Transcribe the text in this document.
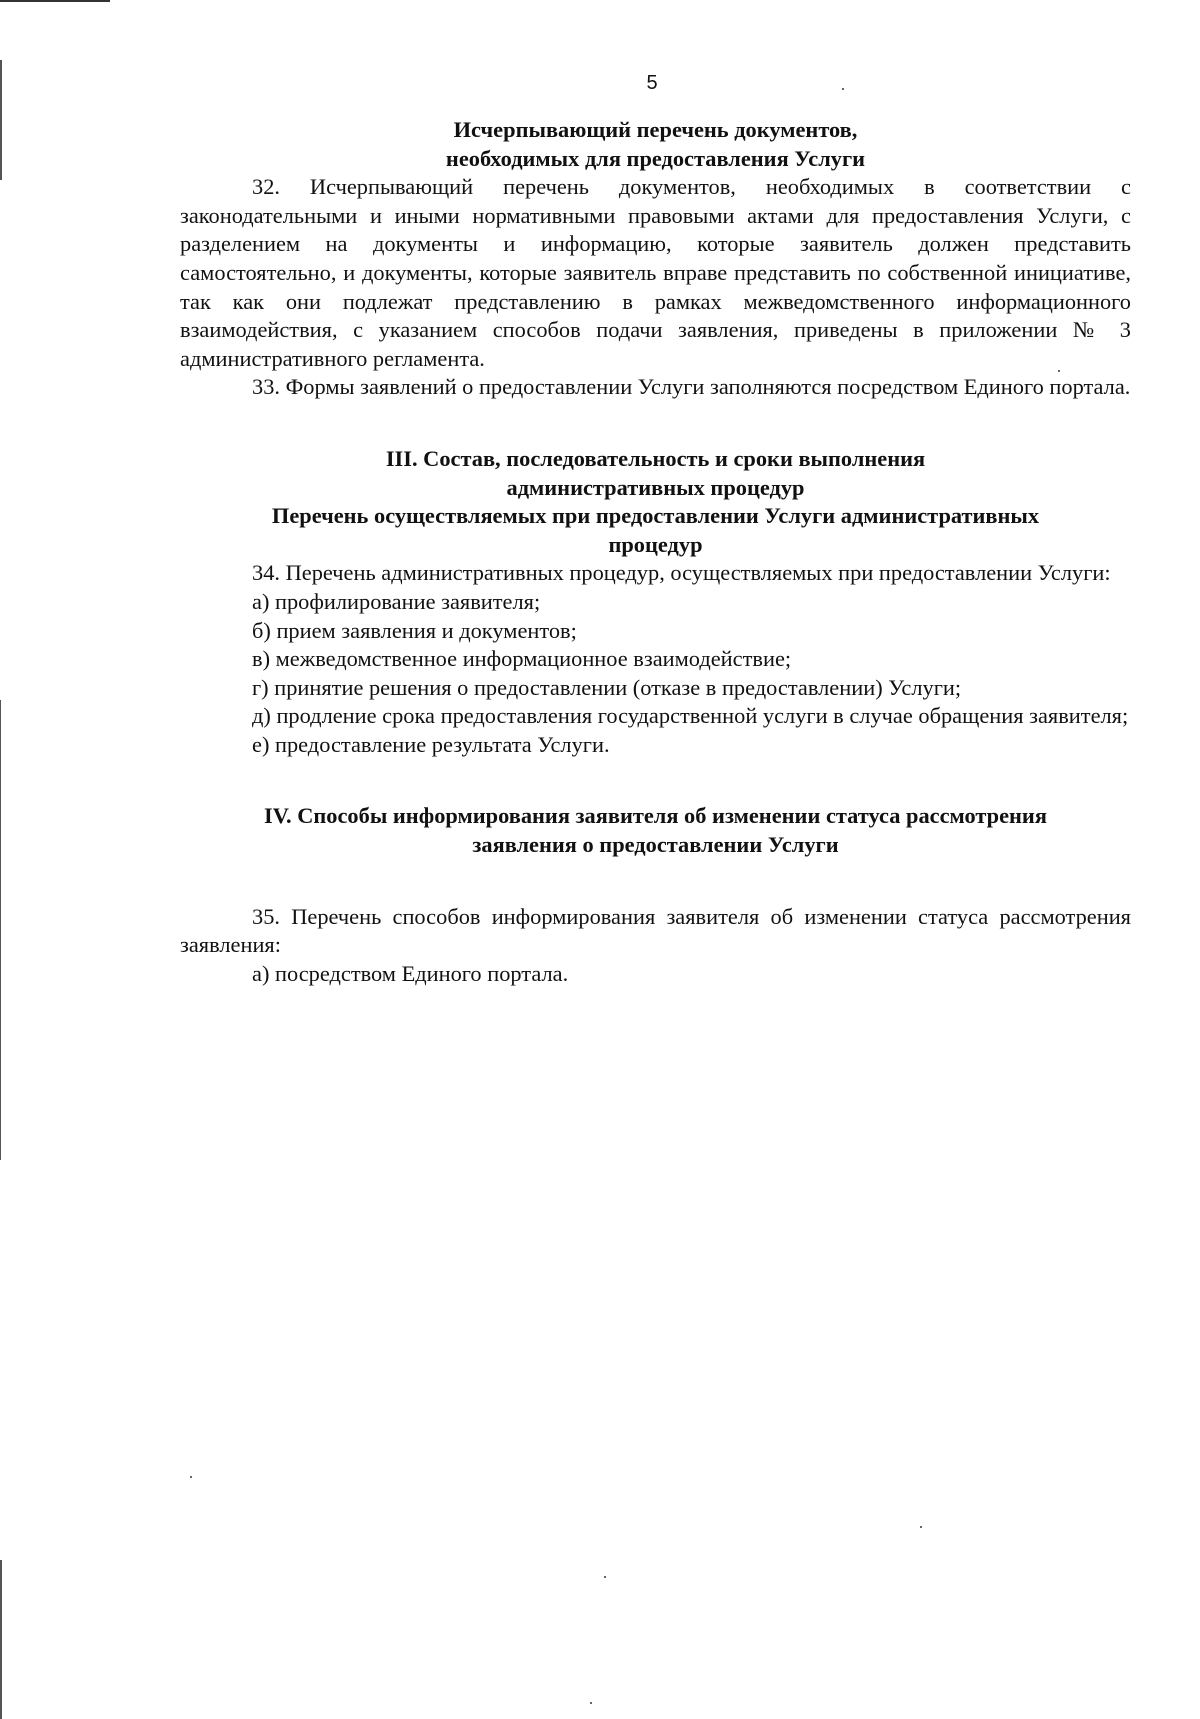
5

Исчерпывающий перечень документов,

необходимых для предоставления Услуги

32. Исчерпывающий перечень документов, необходимых в соответствии с законодательными и иными нормативными правовыми актами для предоставления Услуги, с разделением на документы и информацию, которые заявитель должен представить самостоятельно, и документы, которые заявитель вправе представить по собственной инициативе, так как они подлежат представлению в рамках межведомственного информационного взаимодействия, с указанием способов подачи заявления, приведены в приложении № 3 административного регламента.

33. Формы заявлений о предоставлении Услуги заполняются посредством Единого портала.

III. Состав, последовательность и сроки выполнения

административных процедур

Перечень осуществляемых при предоставлении Услуги административных

процедур

34. Перечень административных процедур, осуществляемых при предоставлении Услуги:

а) профилирование заявителя;

б) прием заявления и документов;

в) межведомственное информационное взаимодействие;

г) принятие решения о предоставлении (отказе в предоставлении) Услуги;

д) продление срока предоставления государственной услуги в случае обращения заявителя;

е) предоставление результата Услуги.

IV. Способы информирования заявителя об изменении статуса рассмотрения

заявления о предоставлении Услуги

35. Перечень способов информирования заявителя об изменении статуса рассмотрения заявления:

а) посредством Единого портала.
